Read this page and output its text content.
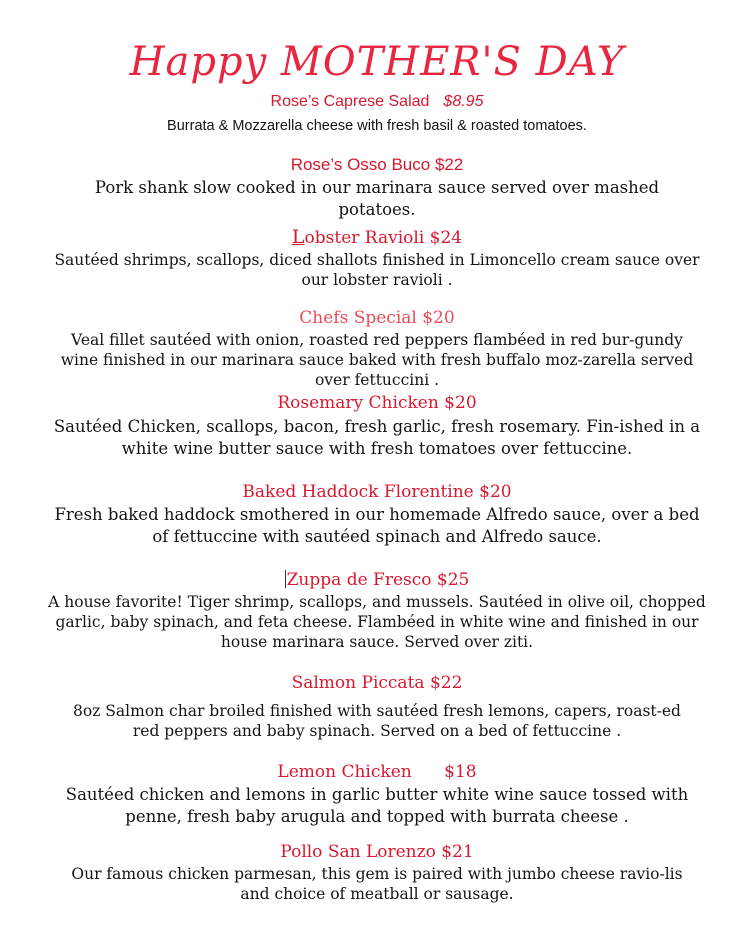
Happy MOTHER'S DAY
Rose’s Caprese Salad $8.95
Burrata & Mozzarella cheese with fresh basil & roasted tomatoes.
Rose’s Osso Buco $22
Pork shank slow cooked in our marinara sauce served over mashed potatoes.
Lobster Ravioli $24
Sautéed shrimps, scallops, diced shallots finished in Limoncello cream sauce over our lobster ravioli .
Chefs Special $20
Veal fillet sautéed with onion, roasted red peppers flambéed in red bur-gundy wine finished in our marinara sauce baked with fresh buffalo moz-zarella served over fettuccini .
Rosemary Chicken $20
Sautéed Chicken, scallops, bacon, fresh garlic, fresh rosemary. Fin-ished in a white wine butter sauce with fresh tomatoes over fettuccine.
Baked Haddock Florentine $20
Fresh baked haddock smothered in our homemade Alfredo sauce, over a bed of fettuccine with sautéed spinach and Alfredo sauce.
Zuppa de Fresco $25
A house favorite! Tiger shrimp, scallops, and mussels. Sautéed in olive oil, chopped garlic, baby spinach, and feta cheese. Flambéed in white wine and finished in our house marinara sauce. Served over ziti.
Salmon Piccata $22
8oz Salmon char broiled finished with sautéed fresh lemons, capers, roast-ed red peppers and baby spinach. Served on a bed of fettuccine .
Lemon Chicken      $18
Sautéed chicken and lemons in garlic butter white wine sauce tossed with penne, fresh baby arugula and topped with burrata cheese .
Pollo San Lorenzo $21
Our famous chicken parmesan, this gem is paired with jumbo cheese ravio-lis and choice of meatball or sausage.
